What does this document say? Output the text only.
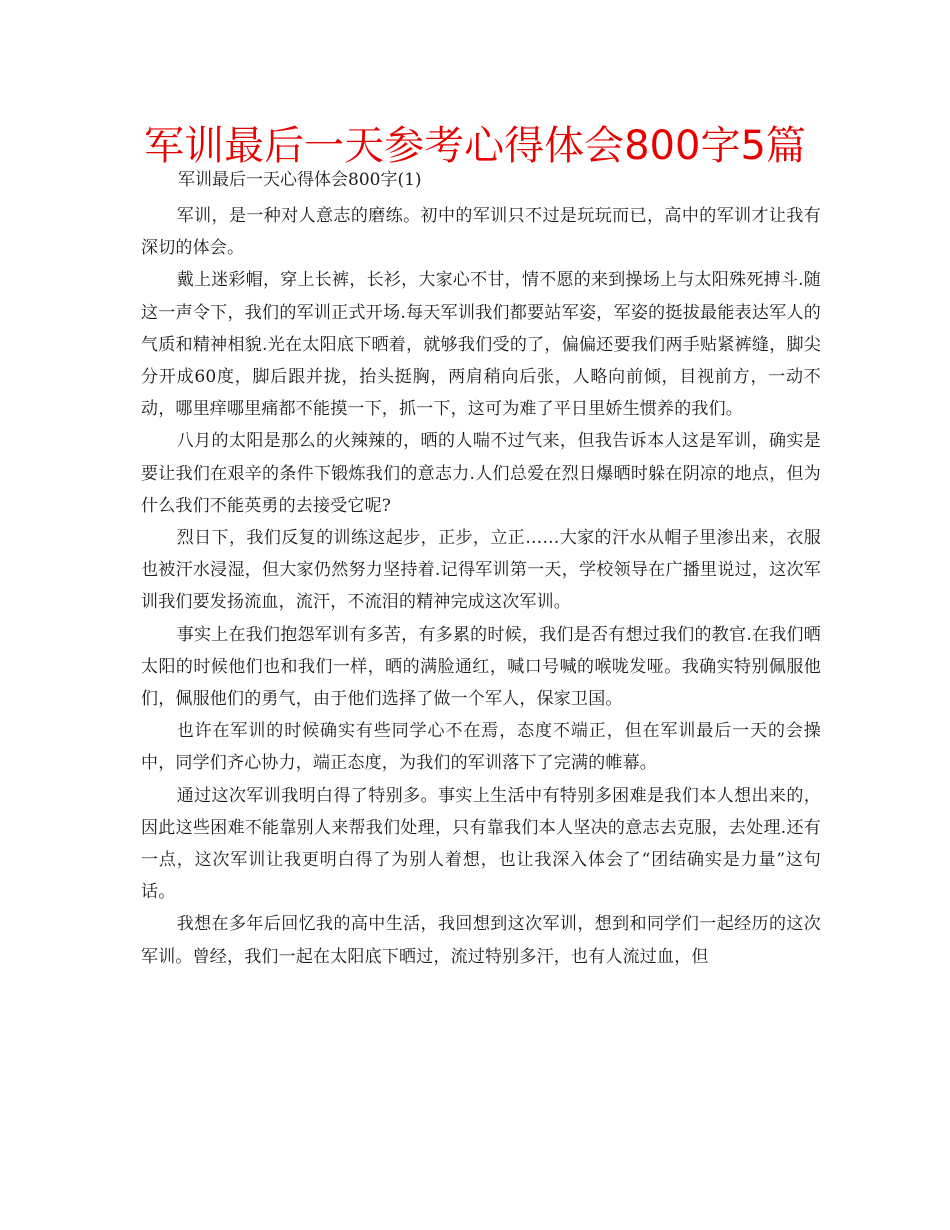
军训最后一天参考心得体会800字5篇

军训最后一天心得体会800字(1)

军训，是一种对人意志的磨练。初中的军训只不过是玩玩而已，高中的军训才让我有深切的体会。

戴上迷彩帽，穿上长裤，长衫，大家心不甘，情不愿的来到操场上与太阳殊死搏斗.随这一声令下，我们的军训正式开场.每天军训我们都要站军姿，军姿的挺拔最能表达军人的气质和精神相貌.光在太阳底下晒着，就够我们受的了，偏偏还要我们两手贴紧裤缝，脚尖分开成60度，脚后跟并拢，抬头挺胸，两肩稍向后张，人略向前倾，目视前方，一动不动，哪里痒哪里痛都不能摸一下，抓一下，这可为难了平日里娇生惯养的我们。

八月的太阳是那么的火辣辣的，晒的人喘不过气来，但我告诉本人这是军训，确实是要让我们在艰辛的条件下锻炼我们的意志力.人们总爱在烈日爆晒时躲在阴凉的地点，但为什么我们不能英勇的去接受它呢?

烈日下，我们反复的训练这起步，正步，立正……大家的汗水从帽子里渗出来，衣服也被汗水浸湿，但大家仍然努力坚持着.记得军训第一天，学校领导在广播里说过，这次军训我们要发扬流血，流汗，不流泪的精神完成这次军训。

事实上在我们抱怨军训有多苦，有多累的时候，我们是否有想过我们的教官.在我们晒太阳的时候他们也和我们一样，晒的满脸通红，喊口号喊的喉咙发哑。我确实特别佩服他们，佩服他们的勇气，由于他们选择了做一个军人，保家卫国。

也许在军训的时候确实有些同学心不在焉，态度不端正，但在军训最后一天的会操中，同学们齐心协力，端正态度，为我们的军训落下了完满的帷幕。

通过这次军训我明白得了特别多。事实上生活中有特别多困难是我们本人想出来的，因此这些困难不能靠别人来帮我们处理，只有靠我们本人坚决的意志去克服，去处理.还有一点，这次军训让我更明白得了为别人着想，也让我深入体会了“团结确实是力量”这句话。

我想在多年后回忆我的高中生活，我回想到这次军训，想到和同学们一起经历的这次军训。曾经，我们一起在太阳底下晒过，流过特别多汗，也有人流过血，但
